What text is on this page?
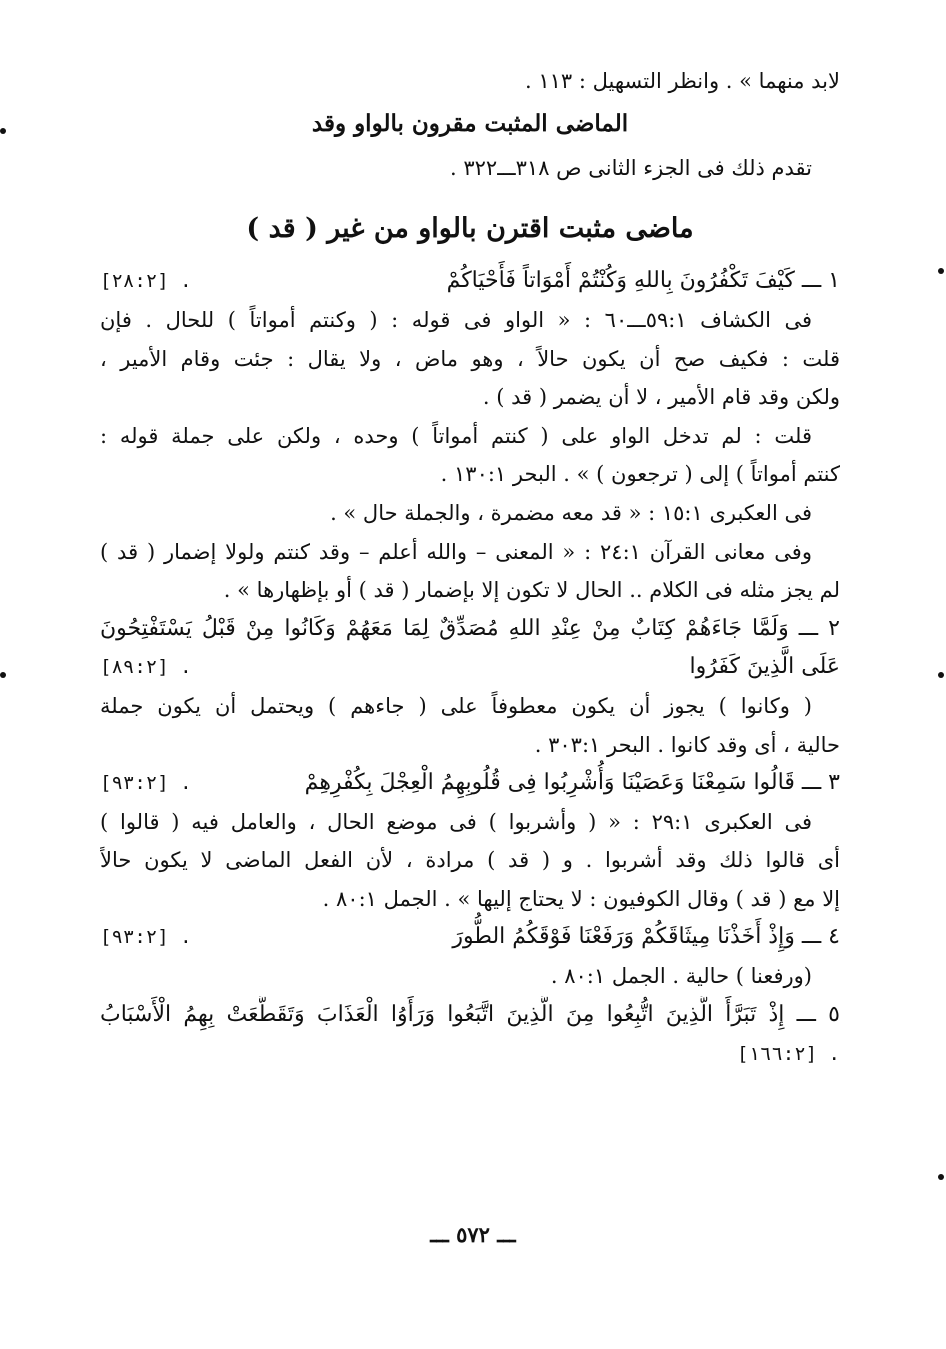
لابد منهما » . وانظر التسهيل : ١١٣ .
الماضى المثبت مقرون بالواو وقد
تقدم ذلك فى الجزء الثانى ص ٣١٨ـــ٣٢٢ .
ماضى مثبت اقترن بالواو من غير ( قد )
١ ـــ كَيْفَ تَكْفُرُونَ بِاللهِ وَكُنْتُمْ أَمْوَاتاً فَأَحْيَاكُمْ
[٢٨:٢] .
فى الكشاف ٥٩:١ـــ٦٠ : « الواو فى قوله : ( وكنتم أمواتاً ) للحال . فإن
قلت : فكيف صح أن يكون حالاً ، وهو ماض ، ولا يقال : جئت وقام الأمير ،
ولكن وقد قام الأمير ، لا أن يضمر ( قد ) .
قلت : لم تدخل الواو على ( كنتم أمواتاً ) وحده ، ولكن على جملة قوله :
كنتم أمواتاً ) إلى ( ترجعون ) » . البحر ١٣٠:١ .
فى العكبرى ١٥:١ : « قد معه مضمرة ، والجملة حال » .
وفى معانى القرآن ٢٤:١ : « المعنى – والله أعلم – وقد كنتم ولولا إضمار ( قد )
لم يجز مثله فى الكلام .. الحال لا تكون إلا بإضمار ( قد ) أو بإظهارها » .
٢ ـــ وَلَمَّا جَاءَهُمْ كِتَابٌ مِنْ عِنْدِ اللهِ مُصَدِّقٌ لِمَا مَعَهُمْ وَكَانُوا مِنْ قَبْلُ يَسْتَفْتِحُونَ
عَلَى الَّذِينَ كَفَرُوا
[٨٩:٢] .
( وكانوا ) يجوز أن يكون معطوفاً على ( جاءهم ) ويحتمل أن يكون جملة
حالية ، أى وقد كانوا . البحر ٣٠٣:١ .
٣ ـــ قَالُوا سَمِعْنَا وَعَصَيْنَا وَأُشْرِبُوا فِى قُلُوبِهِمُ الْعِجْلَ بِكُفْرِهِمْ
[٩٣:٢] .
فى العكبرى ٢٩:١ : « ( وأشربوا ) فى موضع الحال ، والعامل فيه ( قالوا )
أى قالوا ذلك وقد أشربوا . و ( قد ) مرادة ، لأن الفعل الماضى لا يكون حالاً
إلا مع ( قد ) وقال الكوفيون : لا يحتاج إليها » . الجمل ٨٠:١ .
٤ ـــ وَإِذْ أَخَذْنَا مِيثَاقَكُمْ وَرَفَعْنَا فَوْقَكُمُ الطُّورَ
[٩٣:٢] .
(ورفعنا ) حالية . الجمل ٨٠:١ .
٥ ـــ إِذْ تَبَرَّأَ الَّذِينَ اتُّبِعُوا مِنَ الَّذِينَ اتَّبَعُوا وَرَأَوُا الْعَذَابَ وَتَقَطَّعَتْ بِهِمُ الْأَسْبَابُ
[١٦٦:٢] .
ـــ ٥٧٢ ـــ
